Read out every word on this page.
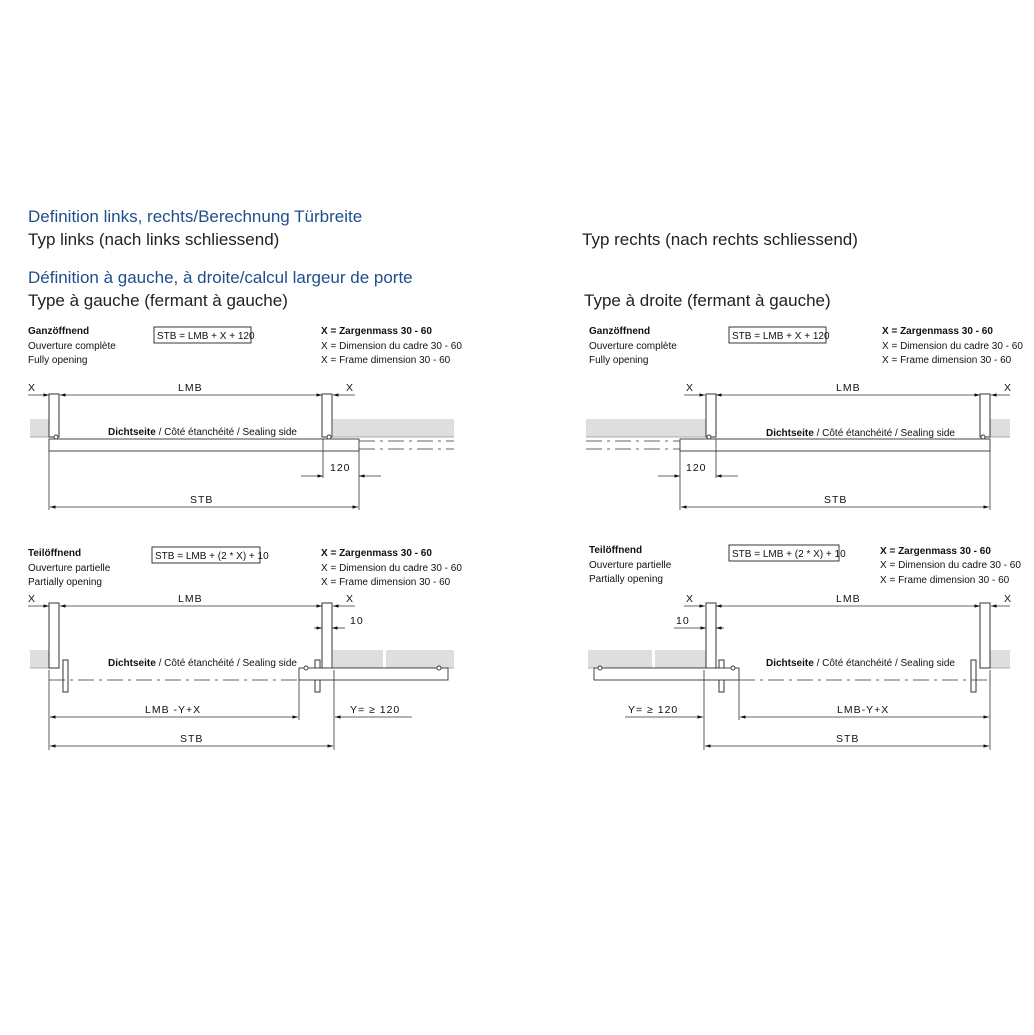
Definition links, rechts/Berechnung Türbreite
Typ links (nach links schliessend)	Typ rechts (nach rechts schliessend)
Définition à gauche, à droite/calcul largeur de porte
Type à gauche (fermant à gauche)	Type à droite (fermant à gauche)
Ganzöffnend
Ouverture complète
Fully opening
STB = LMB + X + 120	X = Zargenmass 30 - 60
X = Dimension du cadre 30 - 60
X = Frame dimension 30 - 60
X	X
LMB
Dichtseite / Côté étanchéité / Sealing side
120
STB
Ganzöffnend
Ouverture complète
Fully opening
STB = LMB + X + 120	X = Zargenmass 30 - 60
X = Dimension du cadre 30 - 60
X = Frame dimension 30 - 60
X	X
LMB
Dichtseite / Côté étanchéité / Sealing side
120
STB
Teilöffnend
Ouverture partielle
Partially opening
STB = LMB + (2 * X) + 10	X = Zargenmass 30 - 60
X = Dimension du cadre 30 - 60
X = Frame dimension 30 - 60
X	X
LMB
10
Dichtseite / Côté étanchéité / Sealing side
LMB -Y+X	Y= ≥ 120
STB
Teilöffnend
Ouverture partielle
Partially opening
STB = LMB + (2 * X) + 10	X = Zargenmass 30 - 60
X = Dimension du cadre 30 - 60
X = Frame dimension 30 - 60
X	X
LMB
10
Dichtseite / Côté étanchéité / Sealing side
Y= ≥ 120	LMB-Y+X
STB
